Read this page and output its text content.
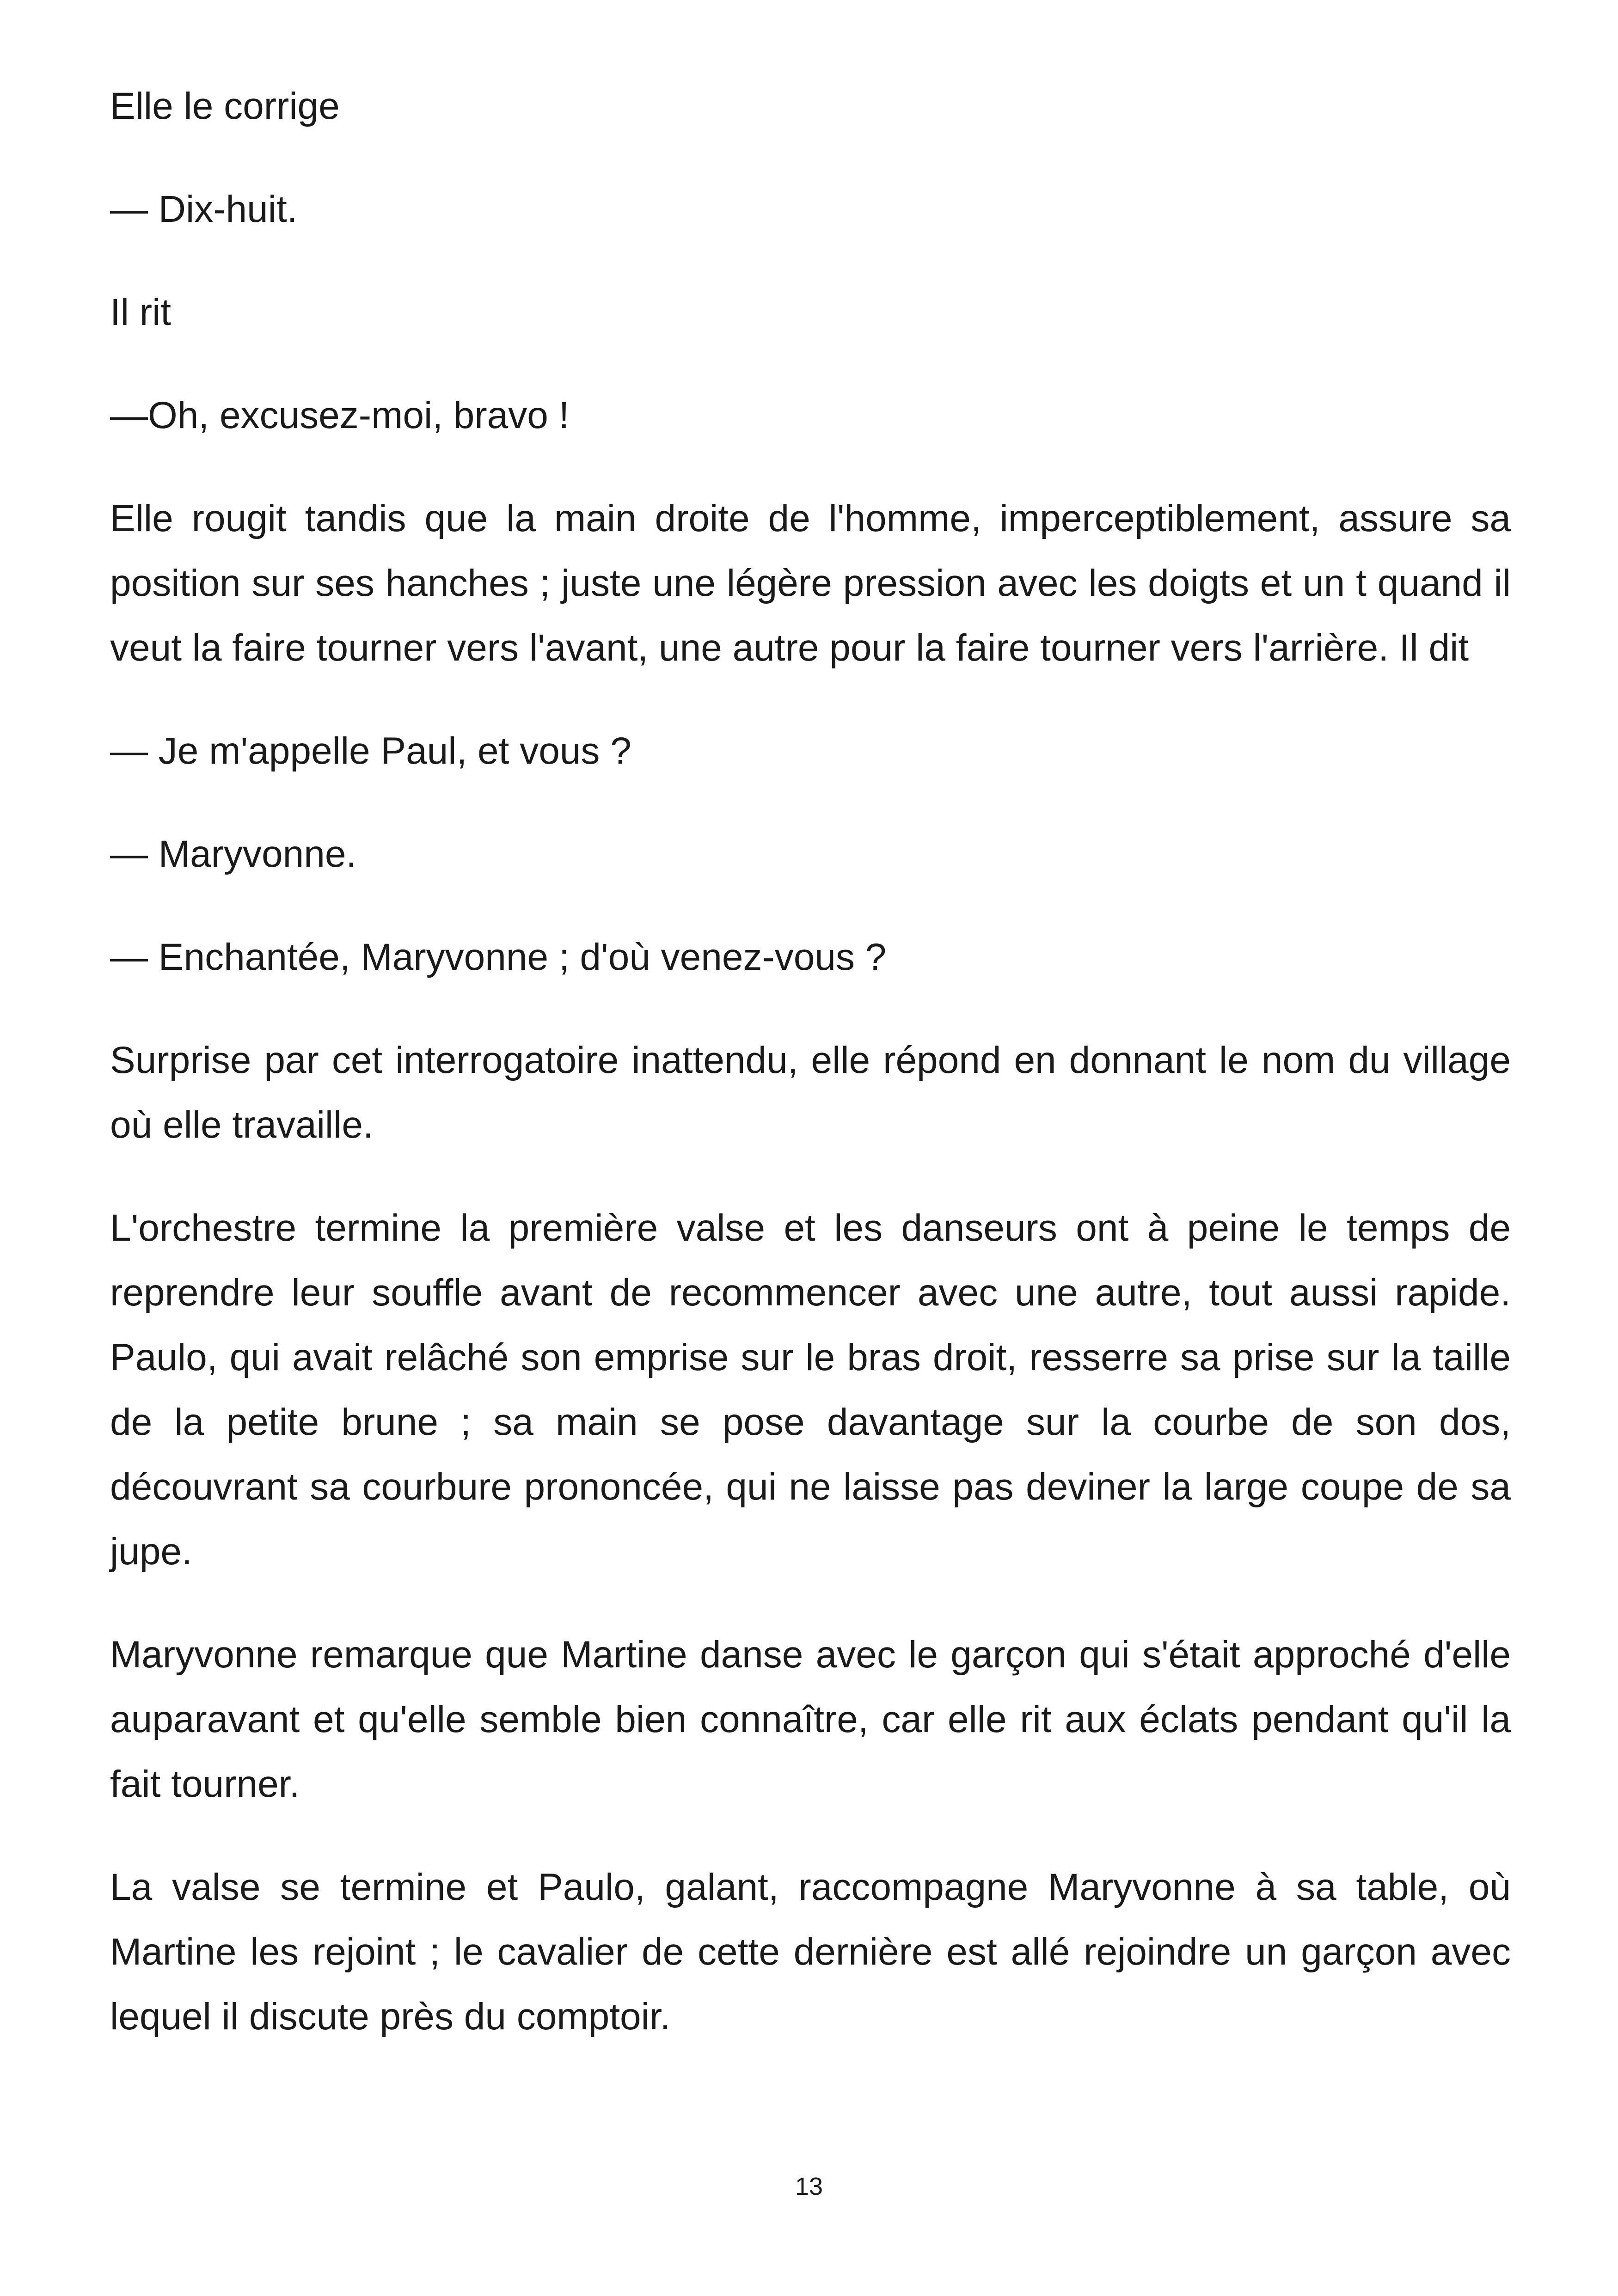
Elle le corrige

— Dix-huit.

Il rit

—Oh, excusez-moi, bravo !

Elle rougit tandis que la main droite de l'homme, imperceptiblement, assure sa position sur ses hanches ; juste une légère pression avec les doigts et un t quand il veut la faire tourner vers l'avant, une autre pour la faire tourner vers l'arrière. Il dit

— Je m'appelle Paul, et vous ?

— Maryvonne.

— Enchantée, Maryvonne ; d'où venez-vous ?

Surprise par cet interrogatoire inattendu, elle répond en donnant le nom du village où elle travaille.

L'orchestre termine la première valse et les danseurs ont à peine le temps de reprendre leur souffle avant de recommencer avec une autre, tout aussi rapide. Paulo, qui avait relâché son emprise sur le bras droit, resserre sa prise sur la taille de la petite brune ; sa main se pose davantage sur la courbe de son dos, découvrant sa courbure prononcée, qui ne laisse pas deviner la large coupe de sa jupe.

Maryvonne remarque que Martine danse avec le garçon qui s'était approché d'elle auparavant et qu'elle semble bien connaître, car elle rit aux éclats pendant qu'il la fait tourner.

La valse se termine et Paulo, galant, raccompagne Maryvonne à sa table, où Martine les rejoint ; le cavalier de cette dernière est allé rejoindre un garçon avec lequel il discute près du comptoir.

13
